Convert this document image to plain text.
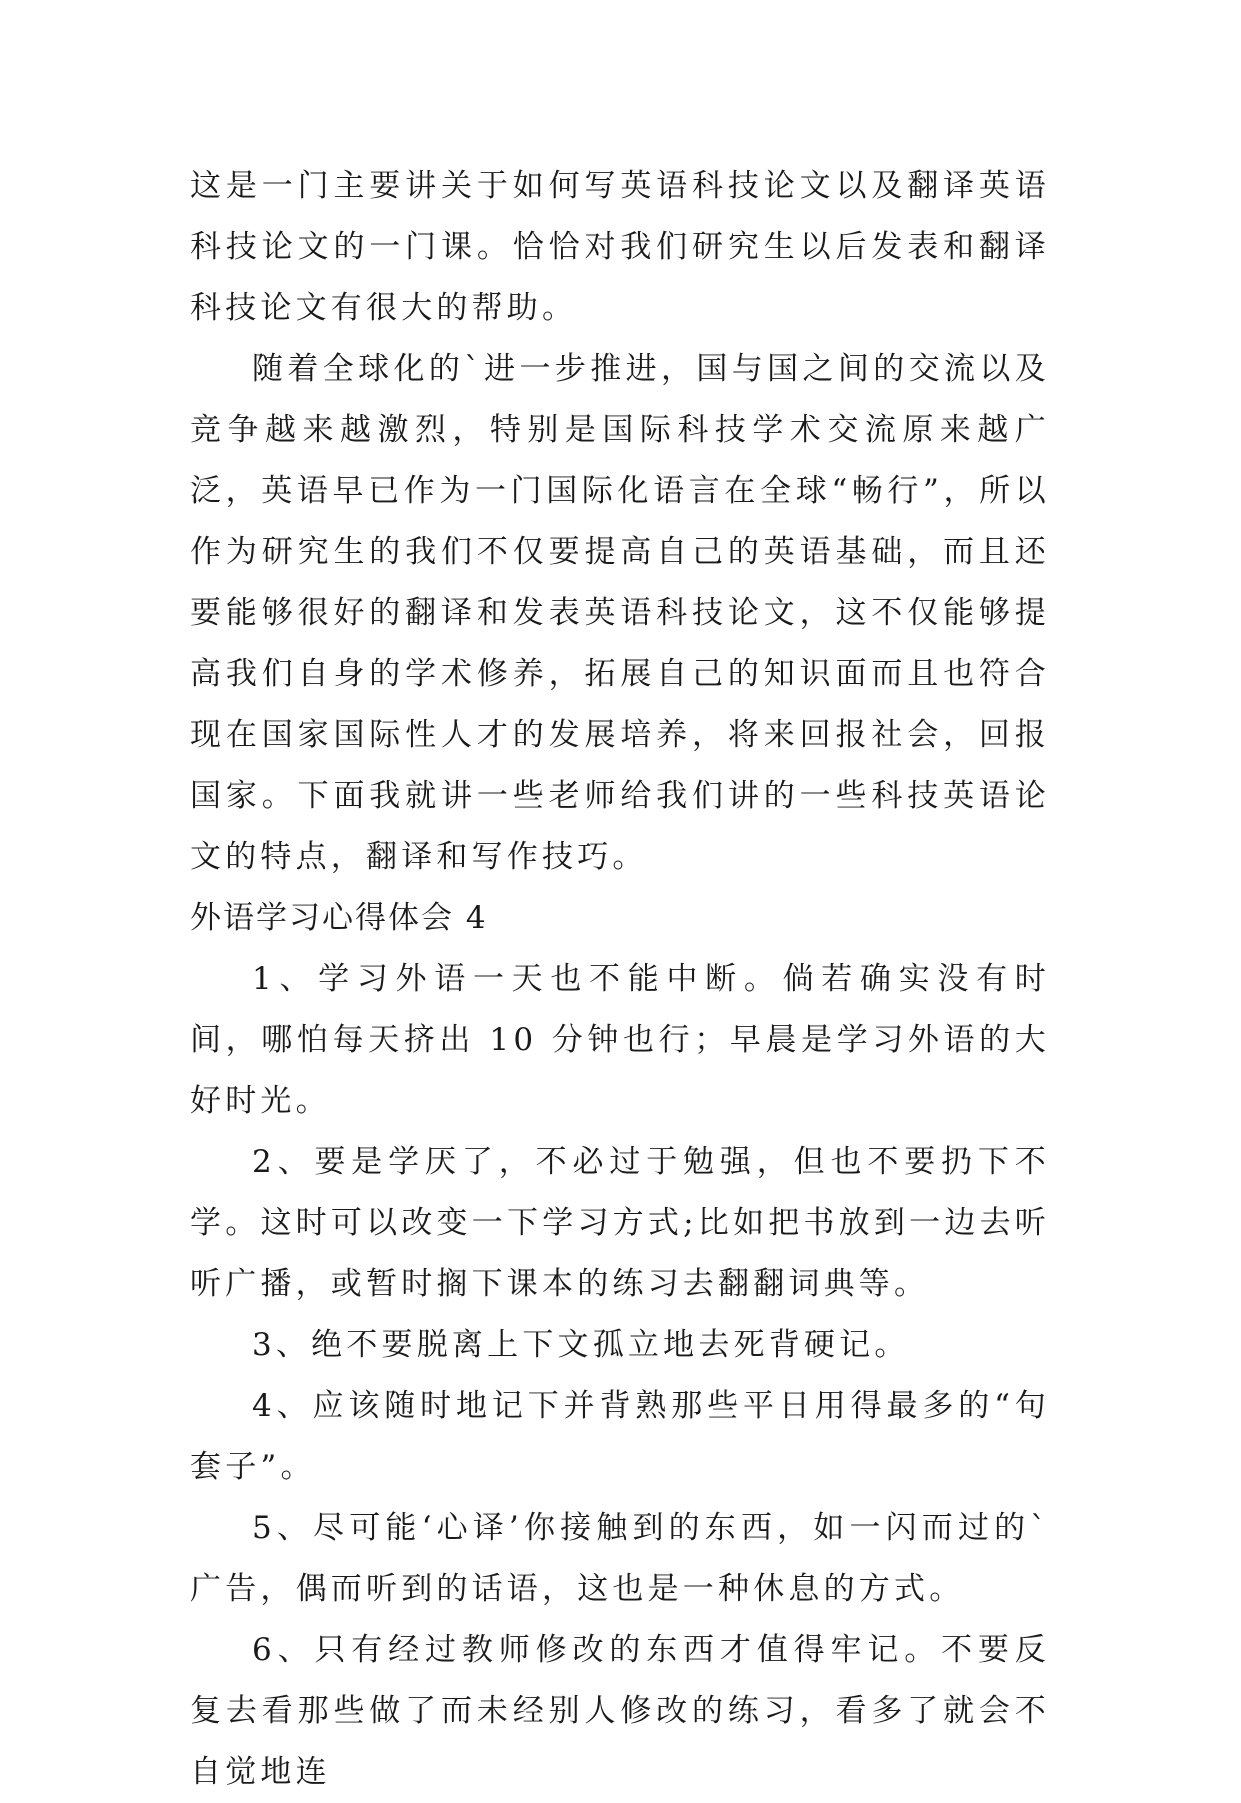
这是一门主要讲关于如何写英语科技论文以及翻译英语科技论文的一门课。恰恰对我们研究生以后发表和翻译科技论文有很大的帮助。

随着全球化的`进一步推进，国与国之间的交流以及竞争越来越激烈，特别是国际科技学术交流原来越广泛，英语早已作为一门国际化语言在全球“畅行”，所以作为研究生的我们不仅要提高自己的英语基础，而且还要能够很好的翻译和发表英语科技论文，这不仅能够提高我们自身的学术修养，拓展自己的知识面而且也符合现在国家国际性人才的发展培养，将来回报社会，回报国家。下面我就讲一些老师给我们讲的一些科技英语论文的特点，翻译和写作技巧。

外语学习心得体会 4

1、学习外语一天也不能中断。倘若确实没有时间，哪怕每天挤出 10 分钟也行；早晨是学习外语的大好时光。

2、要是学厌了，不必过于勉强，但也不要扔下不学。这时可以改变一下学习方式;比如把书放到一边去听听广播，或暂时搁下课本的练习去翻翻词典等。

3、绝不要脱离上下文孤立地去死背硬记。

4、应该随时地记下并背熟那些平日用得最多的“句套子”。

5、尽可能‘心译’你接触到的东西，如一闪而过的`广告，偶而听到的话语，这也是一种休息的方式。

6、只有经过教师修改的东西才值得牢记。不要反复去看那些做了而未经别人修改的练习，看多了就会不自觉地连
